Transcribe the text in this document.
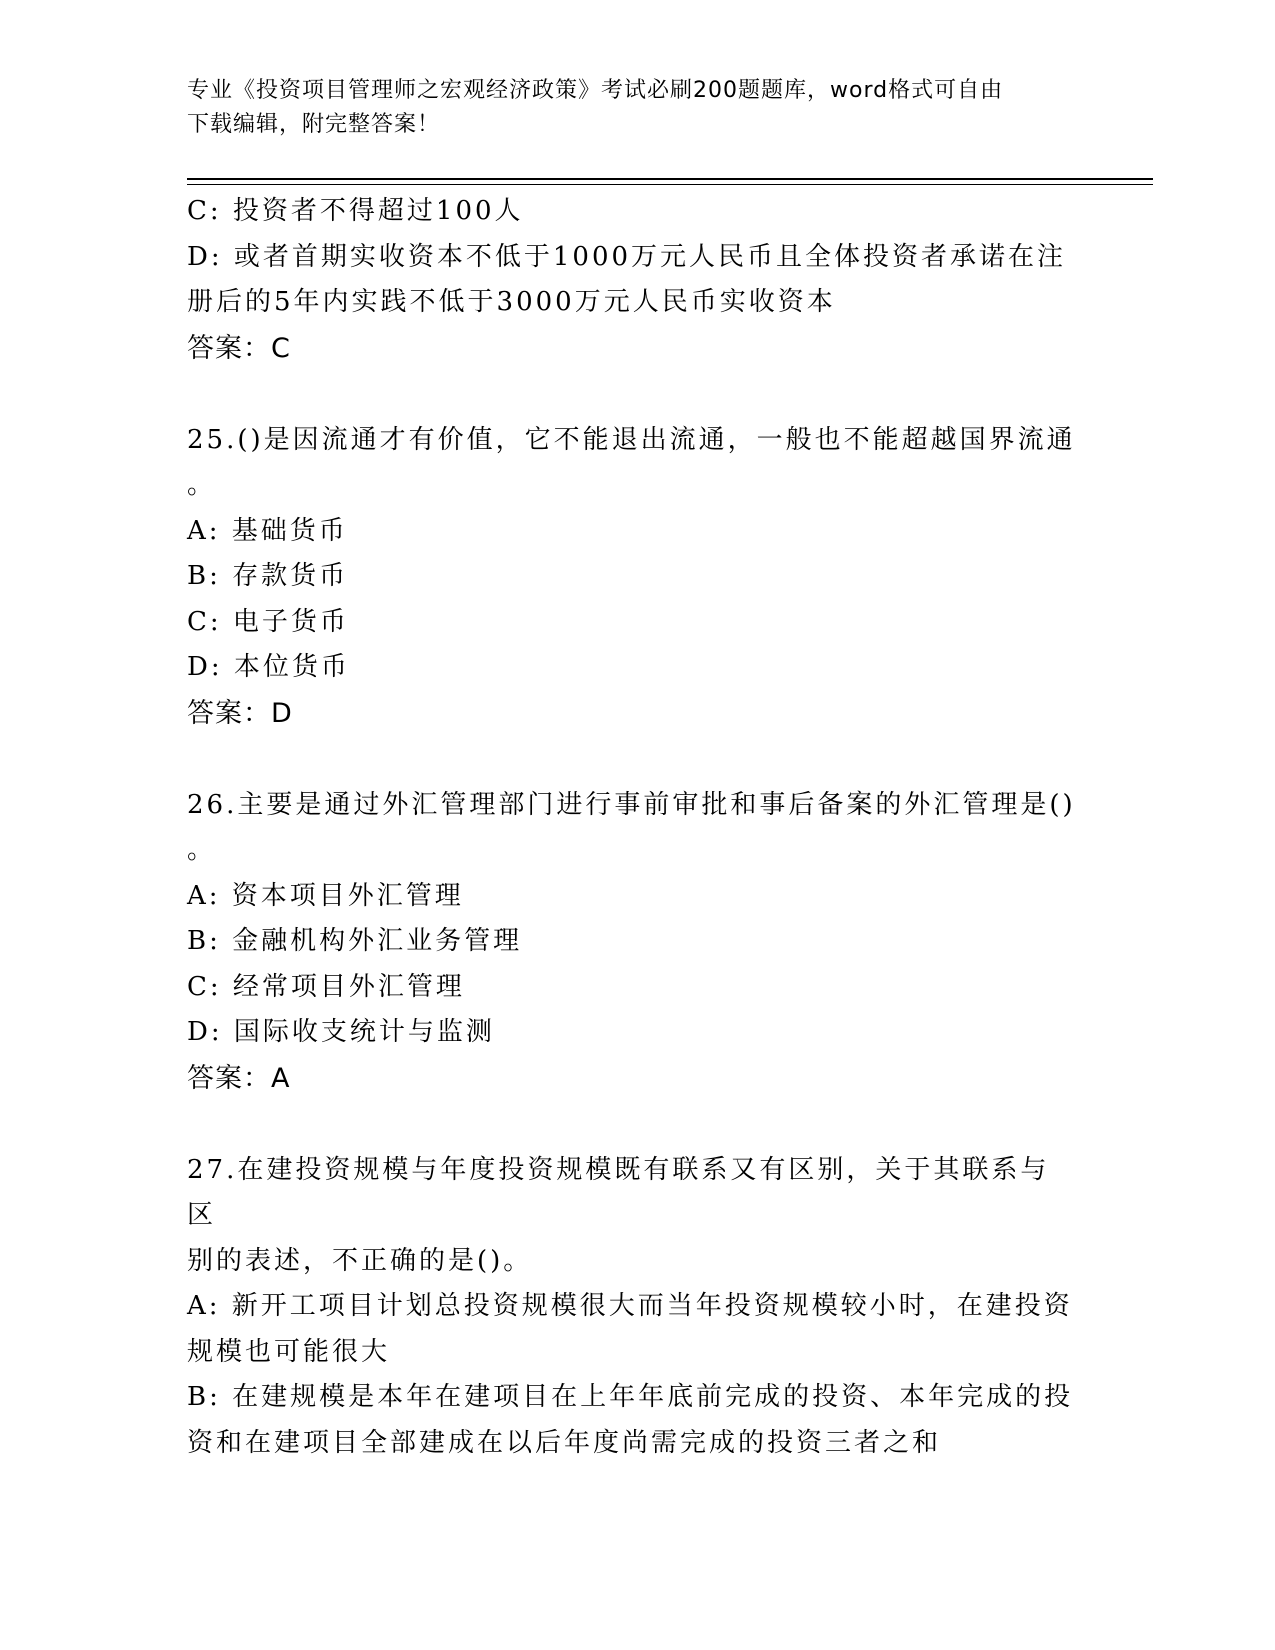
专业《投资项目管理师之宏观经济政策》考试必刷200题题库，word格式可自由
下载编辑，附完整答案！
C: 投资者不得超过100人
D: 或者首期实收资本不低于1000万元人民币且全体投资者承诺在注
册后的5年内实践不低于3000万元人民币实收资本
答案：C
25.()是因流通才有价值，它不能退出流通，一般也不能超越国界流通
。
A: 基础货币
B: 存款货币
C: 电子货币
D: 本位货币
答案：D
26.主要是通过外汇管理部门进行事前审批和事后备案的外汇管理是()
。
A: 资本项目外汇管理
B: 金融机构外汇业务管理
C: 经常项目外汇管理
D: 国际收支统计与监测
答案：A
27.在建投资规模与年度投资规模既有联系又有区别，关于其联系与区
别的表述，不正确的是()。
A: 新开工项目计划总投资规模很大而当年投资规模较小时，在建投资
规模也可能很大
B: 在建规模是本年在建项目在上年年底前完成的投资、本年完成的投
资和在建项目全部建成在以后年度尚需完成的投资三者之和
